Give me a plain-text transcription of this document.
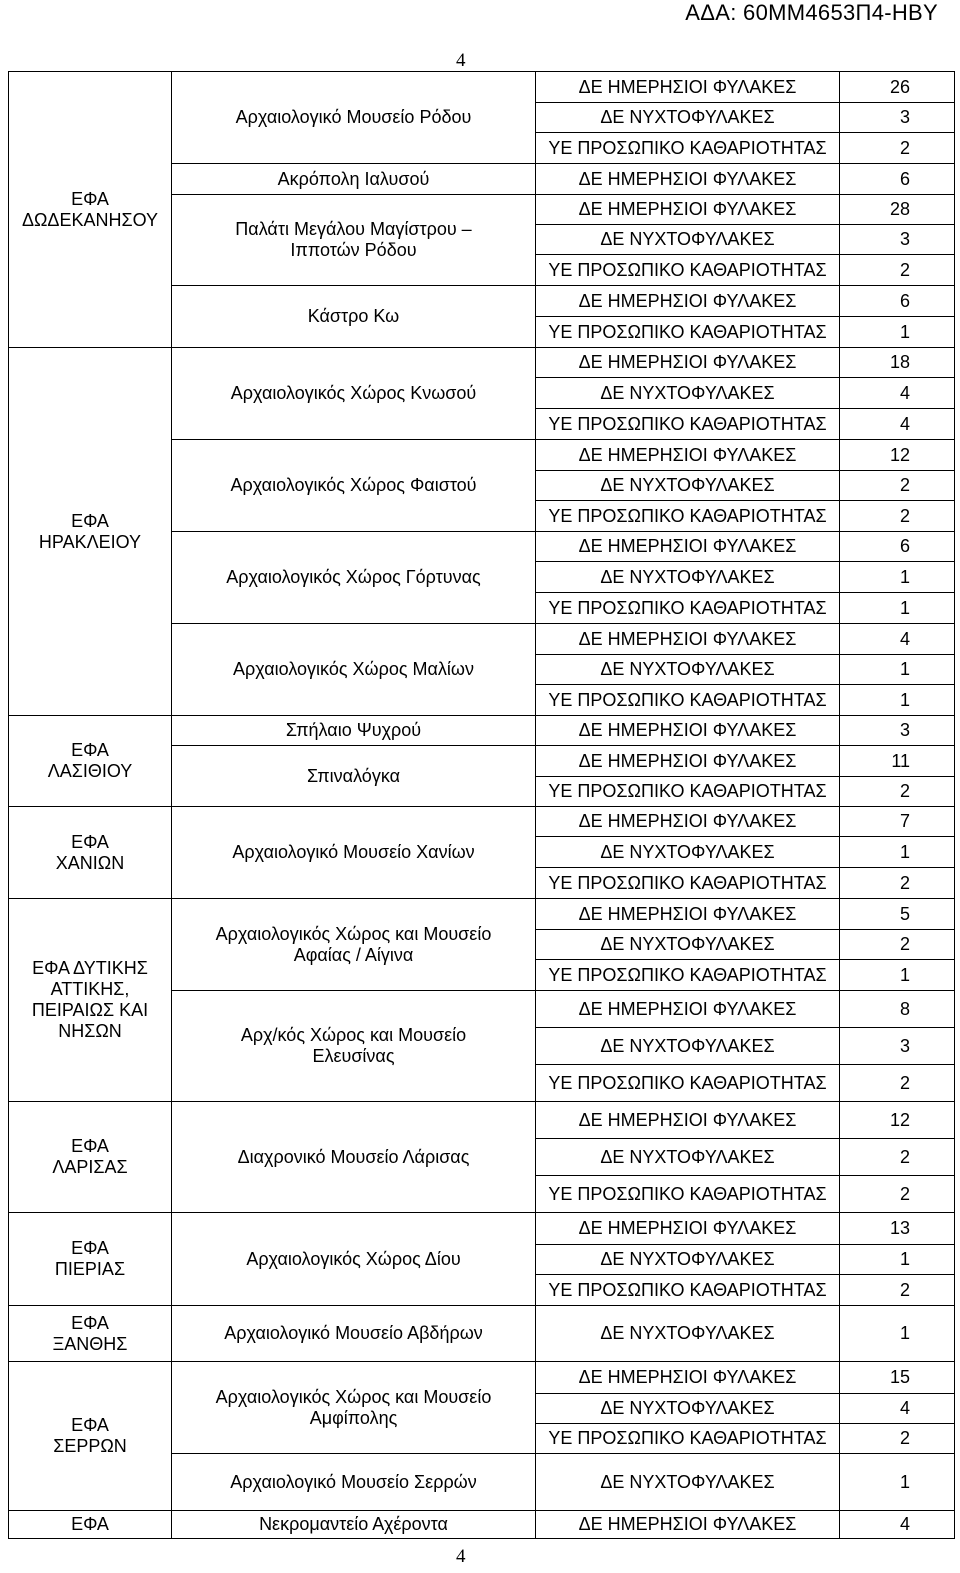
ΑΔΑ: 60ΜΜ4653Π4-ΗΒΥ
4
ΕΦΑ
ΔΩΔΕΚΑΝΗΣΟΥ	Αρχαιολογικό Μουσείο Ρόδου	ΔΕ ΗΜΕΡΗΣΙΟΙ ΦΥΛΑΚΕΣ	26
		ΔΕ ΝΥΧΤΟΦΥΛΑΚΕΣ	3
		ΥΕ ΠΡΟΣΩΠΙΚΟ ΚΑΘΑΡΙΟΤΗΤΑΣ	2
	Ακρόπολη Ιαλυσού	ΔΕ ΗΜΕΡΗΣΙΟΙ ΦΥΛΑΚΕΣ	6
	Παλάτι Μεγάλου Μαγίστρου –
Ιπποτών Ρόδου	ΔΕ ΗΜΕΡΗΣΙΟΙ ΦΥΛΑΚΕΣ	28
		ΔΕ ΝΥΧΤΟΦΥΛΑΚΕΣ	3
		ΥΕ ΠΡΟΣΩΠΙΚΟ ΚΑΘΑΡΙΟΤΗΤΑΣ	2
	Κάστρο Κω	ΔΕ ΗΜΕΡΗΣΙΟΙ ΦΥΛΑΚΕΣ	6
		ΥΕ ΠΡΟΣΩΠΙΚΟ ΚΑΘΑΡΙΟΤΗΤΑΣ	1
ΕΦΑ
ΗΡΑΚΛΕΙΟΥ	Αρχαιολογικός Χώρος Κνωσού	ΔΕ ΗΜΕΡΗΣΙΟΙ ΦΥΛΑΚΕΣ	18
		ΔΕ ΝΥΧΤΟΦΥΛΑΚΕΣ	4
		ΥΕ ΠΡΟΣΩΠΙΚΟ ΚΑΘΑΡΙΟΤΗΤΑΣ	4
	Αρχαιολογικός Χώρος Φαιστού	ΔΕ ΗΜΕΡΗΣΙΟΙ ΦΥΛΑΚΕΣ	12
		ΔΕ ΝΥΧΤΟΦΥΛΑΚΕΣ	2
		ΥΕ ΠΡΟΣΩΠΙΚΟ ΚΑΘΑΡΙΟΤΗΤΑΣ	2
	Αρχαιολογικός Χώρος Γόρτυνας	ΔΕ ΗΜΕΡΗΣΙΟΙ ΦΥΛΑΚΕΣ	6
		ΔΕ ΝΥΧΤΟΦΥΛΑΚΕΣ	1
		ΥΕ ΠΡΟΣΩΠΙΚΟ ΚΑΘΑΡΙΟΤΗΤΑΣ	1
	Αρχαιολογικός Χώρος Μαλίων	ΔΕ ΗΜΕΡΗΣΙΟΙ ΦΥΛΑΚΕΣ	4
		ΔΕ ΝΥΧΤΟΦΥΛΑΚΕΣ	1
		ΥΕ ΠΡΟΣΩΠΙΚΟ ΚΑΘΑΡΙΟΤΗΤΑΣ	1
ΕΦΑ
ΛΑΣΙΘΙΟΥ	Σπήλαιο Ψυχρού	ΔΕ ΗΜΕΡΗΣΙΟΙ ΦΥΛΑΚΕΣ	3
	Σπιναλόγκα	ΔΕ ΗΜΕΡΗΣΙΟΙ ΦΥΛΑΚΕΣ	11
		ΥΕ ΠΡΟΣΩΠΙΚΟ ΚΑΘΑΡΙΟΤΗΤΑΣ	2
ΕΦΑ
ΧΑΝΙΩΝ	Αρχαιολογικό Μουσείο Χανίων	ΔΕ ΗΜΕΡΗΣΙΟΙ ΦΥΛΑΚΕΣ	7
		ΔΕ ΝΥΧΤΟΦΥΛΑΚΕΣ	1
		ΥΕ ΠΡΟΣΩΠΙΚΟ ΚΑΘΑΡΙΟΤΗΤΑΣ	2
ΕΦΑ ΔΥΤΙΚΗΣ
ΑΤΤΙΚΗΣ,
ΠΕΙΡΑΙΩΣ ΚΑΙ
ΝΗΣΩΝ	Αρχαιολογικός Χώρος και Μουσείο
Αφαίας / Αίγινα	ΔΕ ΗΜΕΡΗΣΙΟΙ ΦΥΛΑΚΕΣ	5
		ΔΕ ΝΥΧΤΟΦΥΛΑΚΕΣ	2
		ΥΕ ΠΡΟΣΩΠΙΚΟ ΚΑΘΑΡΙΟΤΗΤΑΣ	1
	Αρχ/κός Χώρος και Μουσείο
Ελευσίνας	ΔΕ ΗΜΕΡΗΣΙΟΙ ΦΥΛΑΚΕΣ	8
		ΔΕ ΝΥΧΤΟΦΥΛΑΚΕΣ	3
		ΥΕ ΠΡΟΣΩΠΙΚΟ ΚΑΘΑΡΙΟΤΗΤΑΣ	2
ΕΦΑ
ΛΑΡΙΣΑΣ	Διαχρονικό Μουσείο Λάρισας	ΔΕ ΗΜΕΡΗΣΙΟΙ ΦΥΛΑΚΕΣ	12
		ΔΕ ΝΥΧΤΟΦΥΛΑΚΕΣ	2
		ΥΕ ΠΡΟΣΩΠΙΚΟ ΚΑΘΑΡΙΟΤΗΤΑΣ	2
ΕΦΑ
ΠΙΕΡΙΑΣ	Αρχαιολογικός Χώρος Δίου	ΔΕ ΗΜΕΡΗΣΙΟΙ ΦΥΛΑΚΕΣ	13
		ΔΕ ΝΥΧΤΟΦΥΛΑΚΕΣ	1
		ΥΕ ΠΡΟΣΩΠΙΚΟ ΚΑΘΑΡΙΟΤΗΤΑΣ	2
ΕΦΑ
ΞΑΝΘΗΣ	Αρχαιολογικό Μουσείο Αβδήρων	ΔΕ ΝΥΧΤΟΦΥΛΑΚΕΣ	1
ΕΦΑ
ΣΕΡΡΩΝ	Αρχαιολογικός Χώρος και Μουσείο
Αμφίπολης	ΔΕ ΗΜΕΡΗΣΙΟΙ ΦΥΛΑΚΕΣ	15
		ΔΕ ΝΥΧΤΟΦΥΛΑΚΕΣ	4
		ΥΕ ΠΡΟΣΩΠΙΚΟ ΚΑΘΑΡΙΟΤΗΤΑΣ	2
	Αρχαιολογικό Μουσείο Σερρών	ΔΕ ΝΥΧΤΟΦΥΛΑΚΕΣ	1
ΕΦΑ	Νεκρομαντείο Αχέροντα	ΔΕ ΗΜΕΡΗΣΙΟΙ ΦΥΛΑΚΕΣ	4
4
